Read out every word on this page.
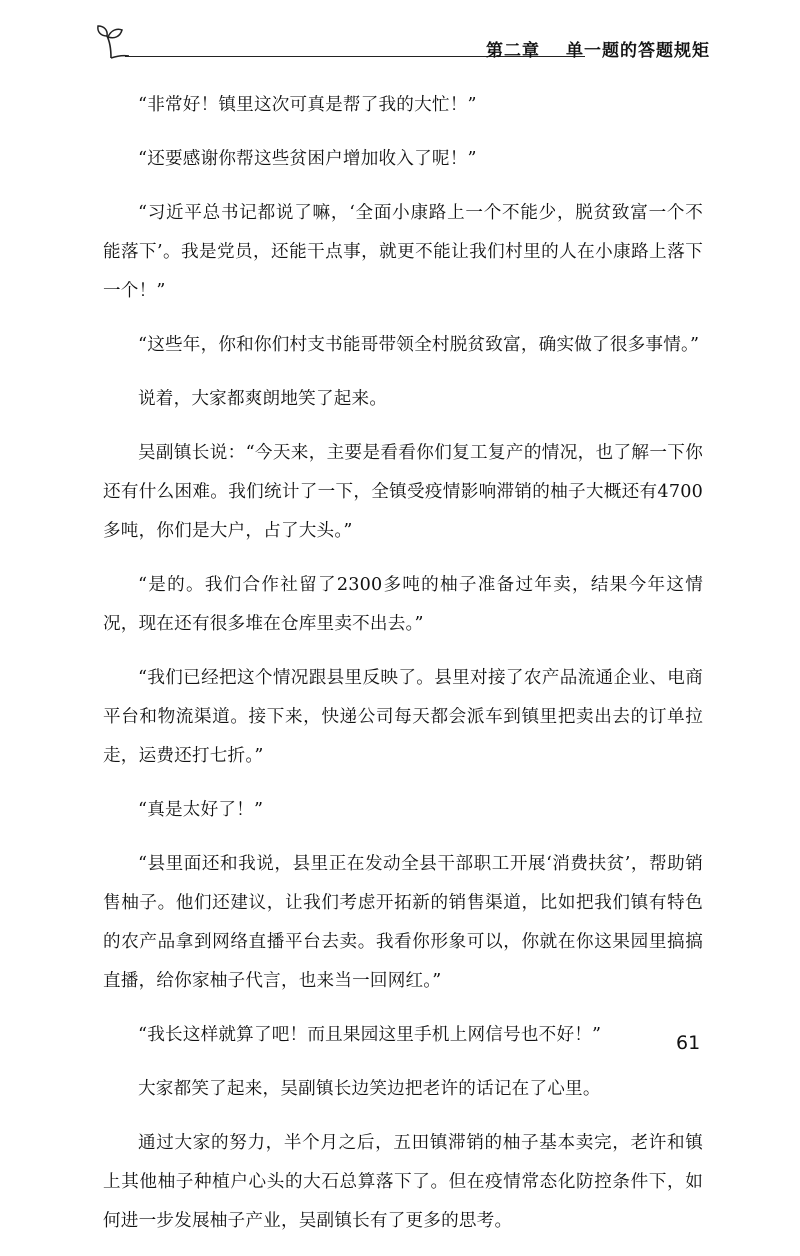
第二章 单一题的答题规矩

“非常好！镇里这次可真是帮了我的大忙！”

“还要感谢你帮这些贫困户增加收入了呢！”

“习近平总书记都说了嘛，‘全面小康路上一个不能少，脱贫致富一个不能落下’。我是党员，还能干点事，就更不能让我们村里的人在小康路上落下一个！”

“这些年，你和你们村支书能哥带领全村脱贫致富，确实做了很多事情。”

说着，大家都爽朗地笑了起来。

吴副镇长说：“今天来，主要是看看你们复工复产的情况，也了解一下你还有什么困难。我们统计了一下，全镇受疫情影响滞销的柚子大概还有4700多吨，你们是大户，占了大头。”

“是的。我们合作社留了2300多吨的柚子准备过年卖，结果今年这情况，现在还有很多堆在仓库里卖不出去。”

“我们已经把这个情况跟县里反映了。县里对接了农产品流通企业、电商平台和物流渠道。接下来，快递公司每天都会派车到镇里把卖出去的订单拉走，运费还打七折。”

“真是太好了！”

“县里面还和我说，县里正在发动全县干部职工开展‘消费扶贫’，帮助销售柚子。他们还建议，让我们考虑开拓新的销售渠道，比如把我们镇有特色的农产品拿到网络直播平台去卖。我看你形象可以，你就在你这果园里搞搞直播，给你家柚子代言，也来当一回网红。”

“我长这样就算了吧！而且果园这里手机上网信号也不好！”

大家都笑了起来，吴副镇长边笑边把老许的话记在了心里。

通过大家的努力，半个月之后，五田镇滞销的柚子基本卖完，老许和镇上其他柚子种植户心头的大石总算落下了。但在疫情常态化防控条件下，如何进一步发展柚子产业，吴副镇长有了更多的思考。

61
